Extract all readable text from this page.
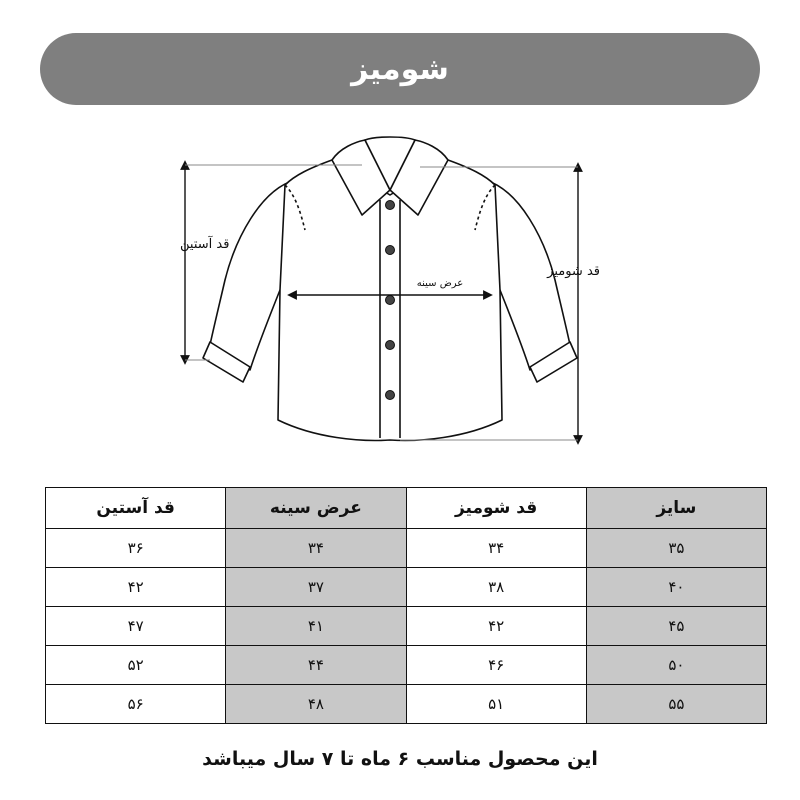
شومیز
قد آستین
قد شومیز
عرض سینه
سایز	قد شومیز	عرض سینه	قد آستین
۳۵	۳۴	۳۴	۳۶
۴۰	۳۸	۳۷	۴۲
۴۵	۴۲	۴۱	۴۷
۵۰	۴۶	۴۴	۵۲
۵۵	۵۱	۴۸	۵۶
این محصول مناسب ۶ ماه تا ۷ سال میباشد
